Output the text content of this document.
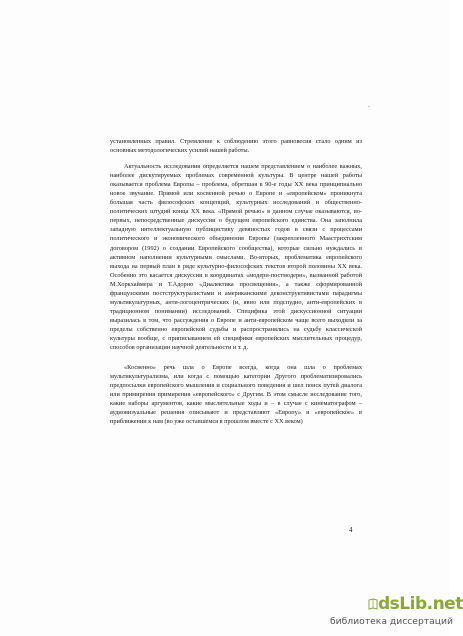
установленных правил. Стремление к соблюдению этого равновесия стало одним из основных методологических усилий нашей работы.

Актуальность исследования определяется нашем представлением о наиболее важных, наиболее дискутируемых проблемах современной культуры. В центре нашей работы оказывается проблема Европы – проблема, обретшая в 90-е годы XX века принципиально новое звучание. Прямой или косвенной речью о Европе и «европейском» проникнута большая часть философских концепций, культурных исследований и общественно-политических штудий конца XX века. «Прямой речью» в данном случае оказываются, во-первых, непосредственные дискуссии о будущем европейского единства. Она заполнила западную интеллектуальную публицистику девяностых годов в связи с процессами политического и экономического объединения Европы (закрепленного Маастрихтским договором (1992) о создании Европейского сообщества), которые сильно нуждались в активном наполнении культурными смыслами. Во-вторых, проблематика европейского выхода на первый план в ряде культурно-философских текстов второй половины XX века. Особенно это касается дискуссии в координатах «модерн-постмодерн», вызванной работой М.Хоркхаймера и Т.Адорно «Диалектика просвещения», а также сформированной французскими постструктуралистами и американскими деконструктивистами парадигмы мультикультурных, анти-логоцентрических (и, явно или подспудно, анти-европейских в традиционном понимании) исследований. Специфика этой дискуссионной ситуации выразилась в том, что рассуждения о Европе и анти-европейском чаще всего выходили за пределы собственно европейской судьбы и распространялись на судьбу классической культуры вообще, с приписыванием ей специфики европейских мыслительных процедур, способов организации научной деятельности и т. д.

«Косвенно» речь шла о Европе всегда, когда она шла о проблемах мультикультурализма, или когда с помощью категории Другого проблематизировались предпосылки европейского мышления и социального поведения и шел поиск путей диалога или примирения примирения «европейского» с Другим. В этом смысле исследование того, какие наборы аргументов, какие мыслительные ходы и – в случае с кинематографом – аудиовизуальные решения описывают и представляют «Европу» и «европейское» в приближении к нам (во уже оставшемся в прошлом вместе с XX веком)

4
dsLib.net
библиотека диссертаций
